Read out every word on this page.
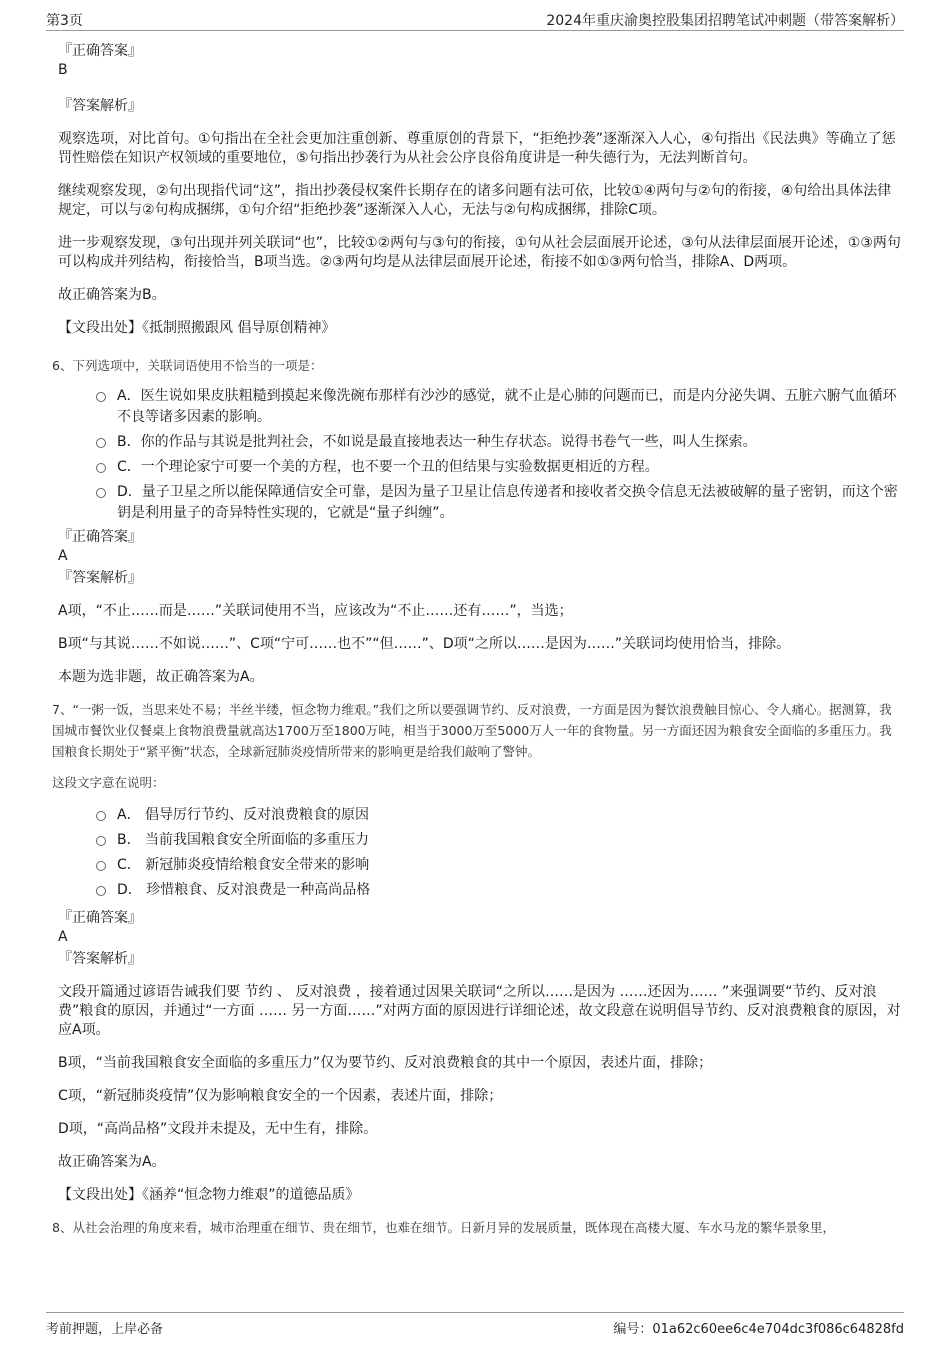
第3页	2024年重庆渝奥控股集团招聘笔试冲刺题（带答案解析）

『正确答案』

B

『答案解析』

观察选项，对比首句。①句指出在全社会更加注重创新、尊重原创的背景下，“拒绝抄袭”逐渐深入人心，④句指出《民法典》等确立了惩罚性赔偿在知识产权领域的重要地位，⑤句指出抄袭行为从社会公序良俗角度讲是一种失德行为，无法判断首句。

继续观察发现，②句出现指代词“这”，指出抄袭侵权案件长期存在的诸多问题有法可依，比较①④两句与②句的衔接，④句给出具体法律规定，可以与②句构成捆绑，①句介绍“拒绝抄袭”逐渐深入人心，无法与②句构成捆绑，排除C项。

进一步观察发现，③句出现并列关联词“也”，比较①②两句与③句的衔接，①句从社会层面展开论述，③句从法律层面展开论述，①③两句可以构成并列结构，衔接恰当，B项当选。②③两句均是从法律层面展开论述，衔接不如①③两句恰当，排除A、D两项。

故正确答案为B。

【文段出处】《抵制照搬跟风 倡导原创精神》

6、下列选项中，关联词语使用不恰当的一项是：

A．医生说如果皮肤粗糙到摸起来像洗碗布那样有沙沙的感觉，就不止是心肺的问题而已，而是内分泌失调、五脏六腑气血循环不良等诸多因素的影响。
B．你的作品与其说是批判社会，不如说是最直接地表达一种生存状态。说得书卷气一些，叫人生探索。
C．一个理论家宁可要一个美的方程，也不要一个丑的但结果与实验数据更相近的方程。
D．量子卫星之所以能保障通信安全可靠，是因为量子卫星让信息传递者和接收者交换令信息无法被破解的量子密钥，而这个密钥是利用量子的奇异特性实现的，它就是“量子纠缠”。

『正确答案』

A

『答案解析』

A项，“不止……而是……”关联词使用不当，应该改为“不止……还有……”，当选；

B项“与其说……不如说……”、C项“宁可……也不”“但……”、D项“之所以……是因为……”关联词均使用恰当，排除。

本题为选非题，故正确答案为A。

7、“一粥一饭，当思来处不易；半丝半缕，恒念物力维艰。”我们之所以要强调节约、反对浪费，一方面是因为餐饮浪费触目惊心、令人痛心。据测算，我国城市餐饮业仅餐桌上食物浪费量就高达1700万至1800万吨，相当于3000万至5000万人一年的食物量。另一方面还因为粮食安全面临的多重压力。我国粮食长期处于“紧平衡”状态，全球新冠肺炎疫情所带来的影响更是给我们敲响了警钟。

这段文字意在说明：

A． 倡导厉行节约、反对浪费粮食的原因
B． 当前我国粮食安全所面临的多重压力
C． 新冠肺炎疫情给粮食安全带来的影响
D． 珍惜粮食、反对浪费是一种高尚品格

『正确答案』

A

『答案解析』

文段开篇通过谚语告诫我们要 节约 、 反对浪费 ，接着通过因果关联词“之所以……是因为 ……还因为…… ”来强调要“节约、反对浪费”粮食的原因，并通过“一方面 …… 另一方面……”对两方面的原因进行详细论述，故文段意在说明倡导节约、反对浪费粮食的原因，对应A项。

B项，“当前我国粮食安全面临的多重压力”仅为要节约、反对浪费粮食的其中一个原因，表述片面，排除；

C项，“新冠肺炎疫情”仅为影响粮食安全的一个因素，表述片面，排除；

D项，“高尚品格”文段并未提及，无中生有，排除。

故正确答案为A。

【文段出处】《涵养“恒念物力维艰”的道德品质》

8、从社会治理的角度来看，城市治理重在细节、贵在细节，也难在细节。日新月异的发展质量，既体现在高楼大厦、车水马龙的繁华景象里，

考前押题，上岸必备	编号：01a62c60ee6c4e704dc3f086c64828fd
